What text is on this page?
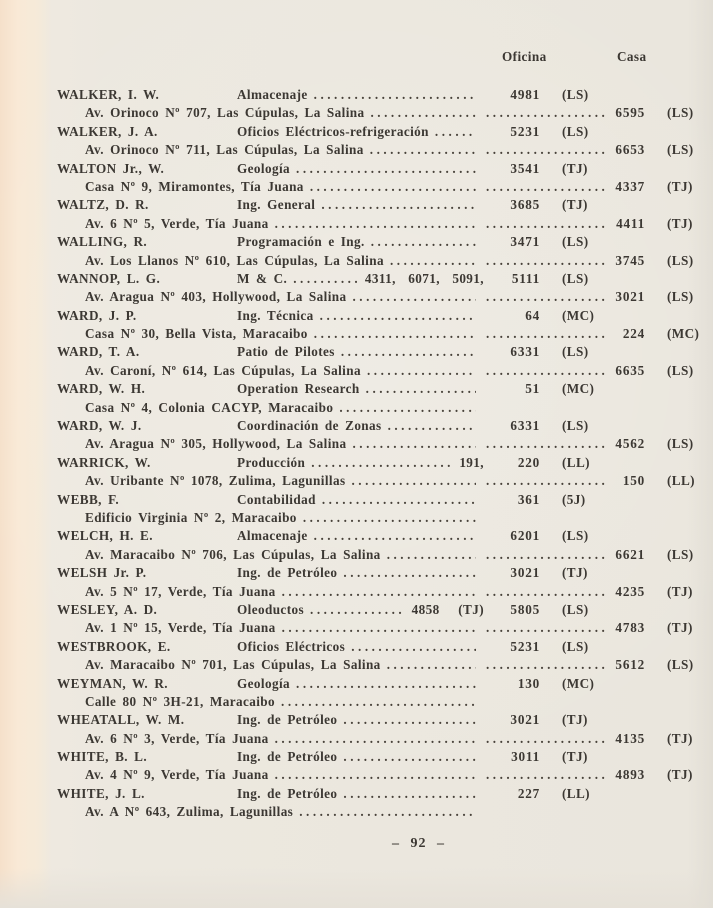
Oficina	Casa
WALKER, I. W.	Almacenaje .....	4981	(LS)
Av. Orinoco Nº 707, Las Cúpulas, La Salina ..... .....	6595	(LS)
WALKER, J. A.	Oficios Eléctricos-refrigeración .....	5231	(LS)
Av. Orinoco Nº 711, Las Cúpulas, La Salina ..... .....	6653	(LS)
WALTON Jr., W.	Geología .....	3541	(TJ)
Casa Nº 9, Miramontes, Tía Juana ..... .....	4337	(TJ)
WALTZ, D. R.	Ing. General .....	3685	(TJ)
Av. 6 Nº 5, Verde, Tía Juana ..... .....	4411	(TJ)
WALLING, R.	Programación e Ing. .....	3471	(LS)
Av. Los Llanos Nº 610, Las Cúpulas, La Salina ..... .....	3745	(LS)
WANNOP, L. G.	M & C. .....	4311,  6071,  5091,	5111	(LS)
Av. Aragua Nº 403, Hollywood, La Salina ..... .....	3021	(LS)
WARD, J. P.	Ing. Técnica .....	64	(MC)
Casa Nº 30, Bella Vista, Maracaibo ..... .....	224	(MC)
WARD, T. A.	Patio de Pilotes .....	6331	(LS)
Av. Caroní, Nº 614, Las Cúpulas, La Salina ..... .....	6635	(LS)
WARD, W. H.	Operation Research .....	51	(MC)
Casa Nº 4, Colonia CACYP, Maracaibo
.....
WARD, W. J.	Coordinación de Zonas .....	6331	(LS)
Av. Aragua Nº 305, Hollywood, La Salina ..... .....	4562	(LS)
WARRICK, W.	Producción .....	191,	220	(LL)
Av. Uribante Nº 1078, Zulima, Lagunillas ..... .....	150	(LL)
WEBB, F.	Contabilidad .....	361	(5J)
Edificio Virginia Nº 2, Maracaibo
.....
WELCH, H. E.	Almacenaje .....	6201	(LS)
Av. Maracaibo Nº 706, Las Cúpulas, La Salina ..... .....	6621	(LS)
WELSH Jr. P.	Ing. de Petróleo .....	3021	(TJ)
Av. 5 Nº 17, Verde, Tía Juana ..... .....	4235	(TJ)
WESLEY, A. D.	Oleoductos .....	4858   (TJ)	5805	(LS)
Av. 1 Nº 15, Verde, Tía Juana ..... .....	4783	(TJ)
WESTBROOK, E.	Oficios Eléctricos .....	5231	(LS)
Av. Maracaibo Nº 701, Las Cúpulas, La Salina ..... .....	5612	(LS)
WEYMAN, W. R.	Geología .....	130	(MC)
Calle 80 Nº 3H-21, Maracaibo
.....
WHEATALL, W. M.	Ing. de Petróleo .....	3021	(TJ)
Av. 6 Nº 3, Verde, Tía Juana ..... .....	4135	(TJ)
WHITE, B. L.	Ing. de Petróleo .....	3011	(TJ)
Av. 4 Nº 9, Verde, Tía Juana ..... .....	4893	(TJ)
WHITE, J. L.	Ing. de Petróleo .....	227	(LL)
Av. A Nº 643, Zulima, Lagunillas
.....
– 92 –
